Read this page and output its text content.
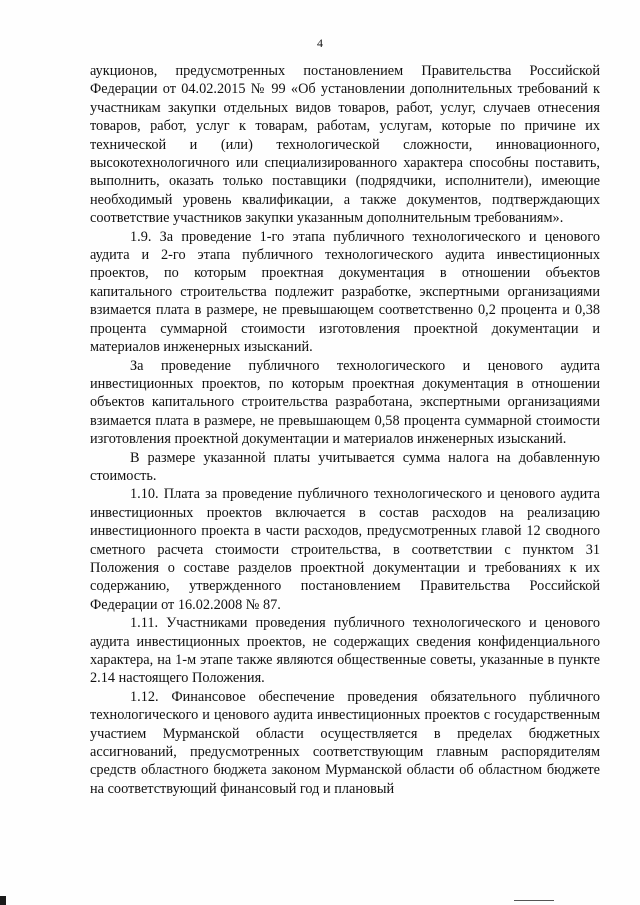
4

аукционов, предусмотренных постановлением Правительства Российской Федерации от 04.02.2015 № 99 «Об установлении дополнительных требований к участникам закупки отдельных видов товаров, работ, услуг, случаев отнесения товаров, работ, услуг к товарам, работам, услугам, которые по причине их технической и (или) технологической сложности, инновационного, высокотехнологичного или специализированного характера способны поставить, выполнить, оказать только поставщики (подрядчики, исполнители), имеющие необходимый уровень квалификации, а также документов, подтверждающих соответствие участников закупки указанным дополнительным требованиям».

1.9. За проведение 1-го этапа публичного технологического и ценового аудита и 2-го этапа публичного технологического аудита инвестиционных проектов, по которым проектная документация в отношении объектов капитального строительства подлежит разработке, экспертными организациями взимается плата в размере, не превышающем соответственно 0,2 процента и 0,38 процента суммарной стоимости изготовления проектной документации и материалов инженерных изысканий.

За проведение публичного технологического и ценового аудита инвестиционных проектов, по которым проектная документация в отношении объектов капитального строительства разработана, экспертными организациями взимается плата в размере, не превышающем 0,58 процента суммарной стоимости изготовления проектной документации и материалов инженерных изысканий.

В размере указанной платы учитывается сумма налога на добавленную стоимость.

1.10. Плата за проведение публичного технологического и ценового аудита инвестиционных проектов включается в состав расходов на реализацию инвестиционного проекта в части расходов, предусмотренных главой 12 сводного сметного расчета стоимости строительства, в соответствии с пунктом 31 Положения о составе разделов проектной документации и требованиях к их содержанию, утвержденного постановлением Правительства Российской Федерации от 16.02.2008 № 87.

1.11. Участниками проведения публичного технологического и ценового аудита инвестиционных проектов, не содержащих сведения конфиденциального характера, на 1-м этапе также являются общественные советы, указанные в пункте 2.14 настоящего Положения.

1.12. Финансовое обеспечение проведения обязательного публичного технологического и ценового аудита инвестиционных проектов с государственным участием Мурманской области осуществляется в пределах бюджетных ассигнований, предусмотренных соответствующим главным распорядителям средств областного бюджета законом Мурманской области об областном бюджете на соответствующий финансовый год и плановый
